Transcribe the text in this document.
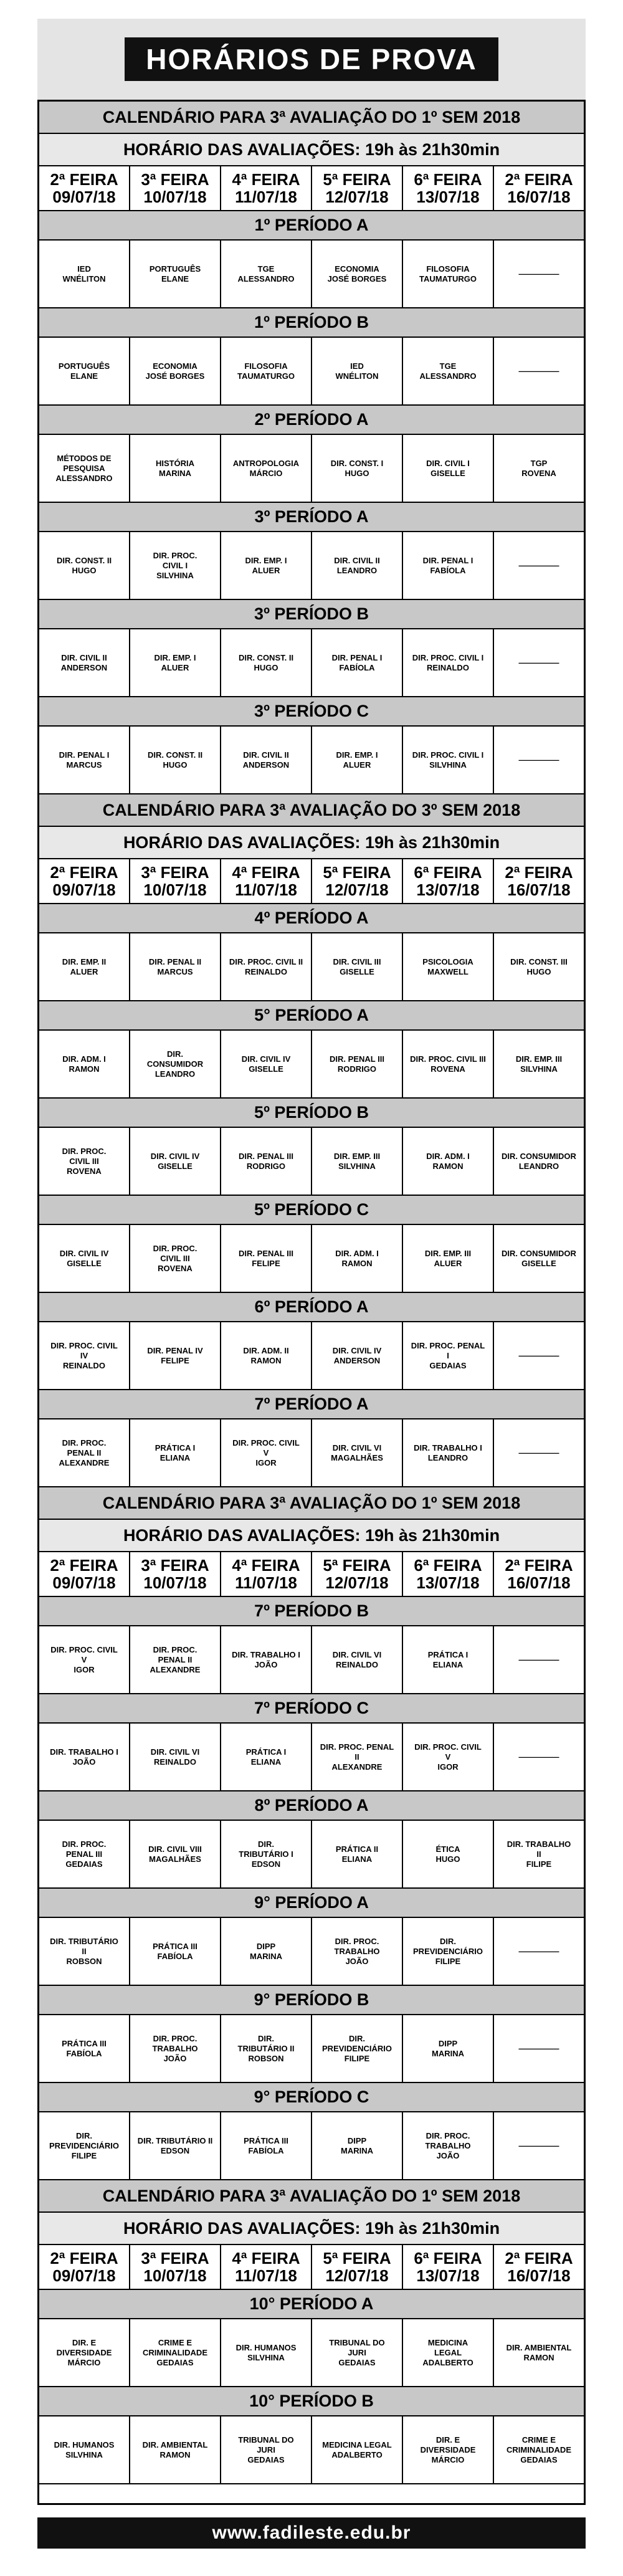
HORÁRIOS DE PROVA
CALENDÁRIO PARA 3ª AVALIAÇÃO DO 1º SEM 2018
HORÁRIO DAS AVALIAÇÕES: 19h às 21h30min
2ª FEIRA
09/07/18
3ª FEIRA
10/07/18
4ª FEIRA
11/07/18
5ª FEIRA
12/07/18
6ª FEIRA
13/07/18
2ª FEIRA
16/07/18
1º PERÍODO A
IED
WNÉLITON
PORTUGUÊS
ELANE
TGE
ALESSANDRO
ECONOMIA
JOSÉ BORGES
FILOSOFIA
TAUMATURGO
—————
1º PERÍODO B
PORTUGUÊS
ELANE
ECONOMIA
JOSÉ BORGES
FILOSOFIA
TAUMATURGO
IED
WNÉLITON
TGE
ALESSANDRO
—————
2º PERÍODO A
MÉTODOS DE
PESQUISA
ALESSANDRO
HISTÓRIA
MARINA
ANTROPOLOGIA
MÁRCIO
DIR. CONST. I
HUGO
DIR. CIVIL I
GISELLE
TGP
ROVENA
3º PERÍODO A
DIR. CONST. II
HUGO
DIR. PROC.
CIVIL I
SILVHINA
DIR. EMP. I
ALUER
DIR. CIVIL II
LEANDRO
DIR. PENAL I
FABÍOLA
—————
3º PERÍODO B
DIR. CIVIL II
ANDERSON
DIR. EMP. I
ALUER
DIR. CONST. II
HUGO
DIR. PENAL I
FABÍOLA
DIR. PROC. CIVIL I
REINALDO
—————
3º PERÍODO C
DIR. PENAL I
MARCUS
DIR. CONST. II
HUGO
DIR. CIVIL II
ANDERSON
DIR. EMP. I
ALUER
DIR. PROC. CIVIL I
SILVHINA
—————
CALENDÁRIO PARA 3ª AVALIAÇÃO DO 3º SEM 2018
HORÁRIO DAS AVALIAÇÕES: 19h às 21h30min
2ª FEIRA
09/07/18
3ª FEIRA
10/07/18
4ª FEIRA
11/07/18
5ª FEIRA
12/07/18
6ª FEIRA
13/07/18
2ª FEIRA
16/07/18
4º PERÍODO A
DIR. EMP. II
ALUER
DIR. PENAL II
MARCUS
DIR. PROC. CIVIL II
REINALDO
DIR. CIVIL III
GISELLE
PSICOLOGIA
MAXWELL
DIR. CONST. III
HUGO
5° PERÍODO A
DIR. ADM. I
RAMON
DIR.
CONSUMIDOR
LEANDRO
DIR. CIVIL IV
GISELLE
DIR. PENAL III
RODRIGO
DIR. PROC. CIVIL III
ROVENA
DIR. EMP. III
SILVHINA
5º PERÍODO B
DIR. PROC.
CIVIL III
ROVENA
DIR. CIVIL IV
GISELLE
DIR. PENAL III
RODRIGO
DIR. EMP. III
SILVHINA
DIR. ADM. I
RAMON
DIR. CONSUMIDOR
LEANDRO
5º PERÍODO C
DIR. CIVIL IV
GISELLE
DIR. PROC.
CIVIL III
ROVENA
DIR. PENAL III
FELIPE
DIR. ADM. I
RAMON
DIR. EMP. III
ALUER
DIR. CONSUMIDOR
GISELLE
6º PERÍODO A
DIR. PROC. CIVIL
IV
REINALDO
DIR. PENAL IV
FELIPE
DIR. ADM. II
RAMON
DIR. CIVIL IV
ANDERSON
DIR. PROC. PENAL
I
GEDAIAS
—————
7º PERÍODO A
DIR. PROC.
PENAL II
ALEXANDRE
PRÁTICA I
ELIANA
DIR. PROC. CIVIL
V
IGOR
DIR. CIVIL VI
MAGALHÃES
DIR. TRABALHO I
LEANDRO
—————
CALENDÁRIO PARA 3ª AVALIAÇÃO DO 1º SEM 2018
HORÁRIO DAS AVALIAÇÕES: 19h às 21h30min
2ª FEIRA
09/07/18
3ª FEIRA
10/07/18
4ª FEIRA
11/07/18
5ª FEIRA
12/07/18
6ª FEIRA
13/07/18
2ª FEIRA
16/07/18
7º PERÍODO B
DIR. PROC. CIVIL
V
IGOR
DIR. PROC.
PENAL II
ALEXANDRE
DIR. TRABALHO I
JOÃO
DIR. CIVIL VI
REINALDO
PRÁTICA I
ELIANA
—————
7º PERÍODO C
DIR. TRABALHO I
JOÃO
DIR. CIVIL VI
REINALDO
PRÁTICA I
ELIANA
DIR. PROC. PENAL
II
ALEXANDRE
DIR. PROC. CIVIL
V
IGOR
—————
8º PERÍODO A
DIR. PROC.
PENAL III
GEDAIAS
DIR. CIVIL VIII
MAGALHÃES
DIR.
TRIBUTÁRIO I
EDSON
PRÁTICA II
ELIANA
ÉTICA
HUGO
DIR. TRABALHO
II
FILIPE
9° PERÍODO A
DIR. TRIBUTÁRIO
II
ROBSON
PRÁTICA III
FABÍOLA
DIPP
MARINA
DIR. PROC.
TRABALHO
JOÃO
DIR.
PREVIDENCIÁRIO
FILIPE
—————
9° PERÍODO B
PRÁTICA III
FABÍOLA
DIR. PROC.
TRABALHO
JOÃO
DIR.
TRIBUTÁRIO II
ROBSON
DIR.
PREVIDENCIÁRIO
FILIPE
DIPP
MARINA
—————
9° PERÍODO C
DIR.
PREVIDENCIÁRIO
FILIPE
DIR. TRIBUTÁRIO II
EDSON
PRÁTICA III
FABÍOLA
DIPP
MARINA
DIR. PROC.
TRABALHO
JOÃO
—————
CALENDÁRIO PARA 3ª AVALIAÇÃO DO 1º SEM 2018
HORÁRIO DAS AVALIAÇÕES: 19h às 21h30min
2ª FEIRA
09/07/18
3ª FEIRA
10/07/18
4ª FEIRA
11/07/18
5ª FEIRA
12/07/18
6ª FEIRA
13/07/18
2ª FEIRA
16/07/18
10° PERÍODO A
DIR. E
DIVERSIDADE
MÁRCIO
CRIME E
CRIMINALIDADE
GEDAIAS
DIR. HUMANOS
SILVHINA
TRIBUNAL DO
JURI
GEDAIAS
MEDICINA
LEGAL
ADALBERTO
DIR. AMBIENTAL
RAMON
10° PERÍODO B
DIR. HUMANOS
SILVHINA
DIR. AMBIENTAL
RAMON
TRIBUNAL DO
JURI
GEDAIAS
MEDICINA LEGAL
ADALBERTO
DIR. E
DIVERSIDADE
MÁRCIO
CRIME E
CRIMINALIDADE
GEDAIAS
www.fadileste.edu.br
